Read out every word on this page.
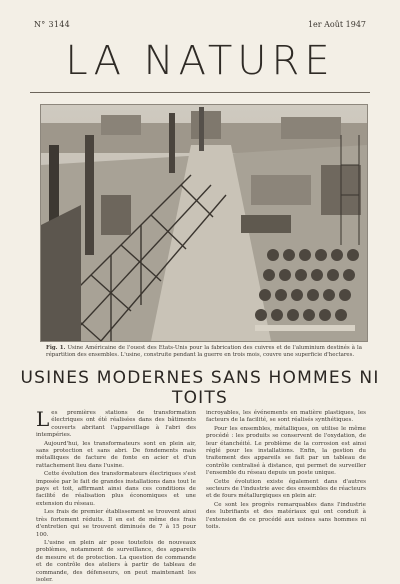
N° 3144	1er Août 1947
LA NATURE
Fig. 1. Usine Américaine de l'ouest des Etats-Unis pour la fabrication des cuivres et de l'aluminium destinés à la répartition des ensembles. L'usine, construite pendant la guerre en trois mois, couvre une superficie d'hectares.
USINES MODERNES SANS HOMMES NI TOITS

Les premières stations de transformation électriques ont été réalisées dans des bâtiments couverts abritant l'appareillage à l'abri des intempéries.

Aujourd'hui, les transformateurs sont en plein air, sans protection et sans abri. De fondements mais métalliques de facture de fonte en acier et d'un rattachement lieu dans l'usine.

Cette évolution des transformateurs électriques s'est imposée par le fait de grandes installations dans tout le pays et toit, affirmant ainsi dans ces conditions de facilité de réalisation plus économiques et une extension du réseau.

Les frais de premier établissement se trouvent ainsi très fortement réduits. Il en est de même des frais d'entretien qui se trouvent diminués de 7 à 15 pour 100.

L'usine en plein air pose toutefois de nouveaux problèmes, notamment de surveillance, des appareils de mesure et de protection. La question de commande et de contrôle des ateliers à partir de tableau de commande, des défenseurs, on peut maintenant les isoler.

incroyables, les événements en matière plastiques, les facteurs de la facilité, se sont réalisés synthétiques.

Pour les ensembles, métalliques, on utilise le même procédé : les produits se conservent de l'oxydation, de leur étanchéité. Le problème de la corrosion est ainsi réglé pour les installations. Enfin, la gestion du traitement des appareils se fait par un tableau de contrôle centralisé à distance, qui permet de surveiller l'ensemble du réseau depuis un poste unique.

Cette évolution existe également dans d'autres secteurs de l'industrie avec des ensembles de réacteurs et de fours métallurgiques en plein air.

Ce sont les progrès remarquables dans l'industrie des lubrifiants et des matériaux qui ont conduit à l'extension de ce procédé aux usines sans hommes ni toits.
